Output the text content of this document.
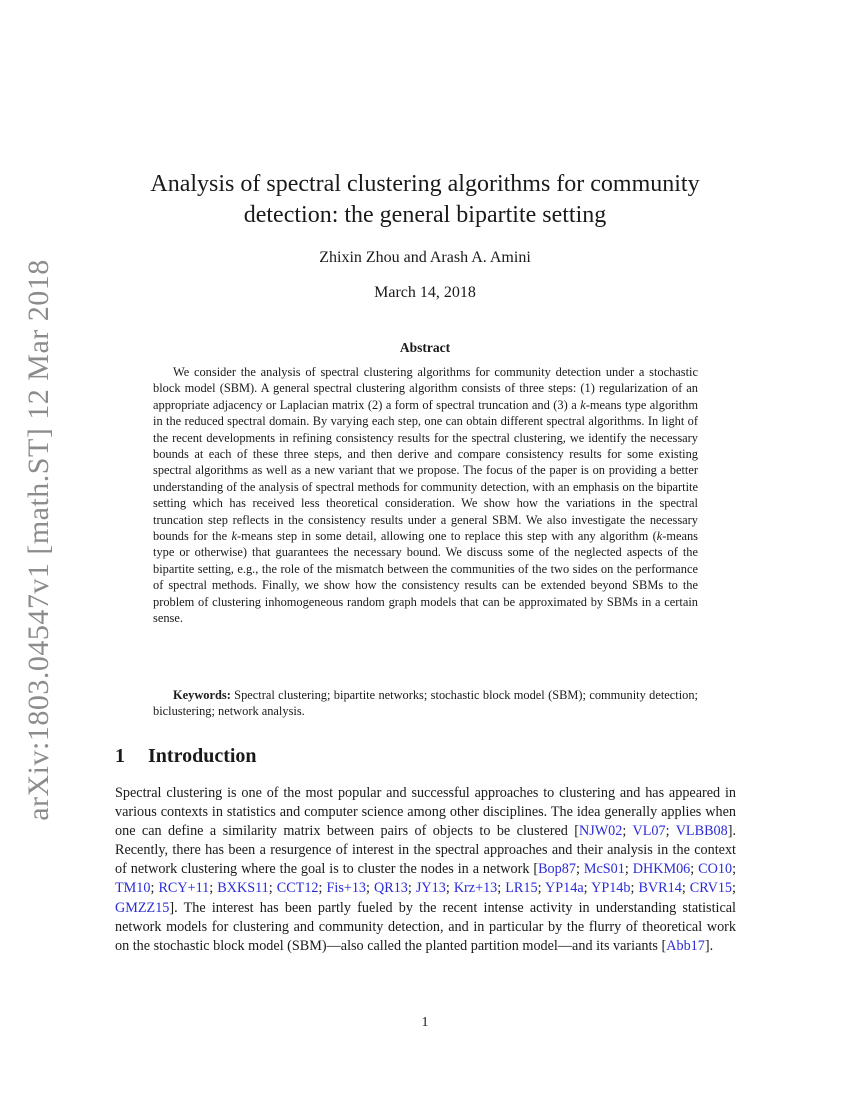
arXiv:1803.04547v1 [math.ST] 12 Mar 2018
Analysis of spectral clustering algorithms for community detection: the general bipartite setting
Zhixin Zhou and Arash A. Amini
March 14, 2018
Abstract

We consider the analysis of spectral clustering algorithms for community detection under a stochastic block model (SBM). A general spectral clustering algorithm consists of three steps: (1) regularization of an appropriate adjacency or Laplacian matrix (2) a form of spectral truncation and (3) a k-means type algorithm in the reduced spectral domain. By varying each step, one can obtain different spectral algorithms. In light of the recent developments in refining consistency results for the spectral clustering, we identify the necessary bounds at each of these three steps, and then derive and compare consistency results for some existing spectral algorithms as well as a new variant that we propose. The focus of the paper is on providing a better understanding of the analysis of spectral methods for community detection, with an emphasis on the bipartite setting which has received less theoretical consideration. We show how the variations in the spectral truncation step reflects in the consistency results under a general SBM. We also investigate the necessary bounds for the k-means step in some detail, allowing one to replace this step with any algorithm (k-means type or otherwise) that guarantees the necessary bound. We discuss some of the neglected aspects of the bipartite setting, e.g., the role of the mismatch between the communities of the two sides on the performance of spectral methods. Finally, we show how the consistency results can be extended beyond SBMs to the problem of clustering inhomogeneous random graph models that can be approximated by SBMs in a certain sense.

Keywords: Spectral clustering; bipartite networks; stochastic block model (SBM); community detection; biclustering; network analysis.

1 Introduction

Spectral clustering is one of the most popular and successful approaches to clustering and has appeared in various contexts in statistics and computer science among other disciplines. The idea generally applies when one can define a similarity matrix between pairs of objects to be clustered [NJW02; VL07; VLBB08]. Recently, there has been a resurgence of interest in the spectral approaches and their analysis in the context of network clustering where the goal is to cluster the nodes in a network [Bop87; McS01; DHKM06; CO10; TM10; RCY+11; BXKS11; CCT12; Fis+13; QR13; JY13; Krz+13; LR15; YP14a; YP14b; BVR14; CRV15; GMZZ15]. The interest has been partly fueled by the recent intense activity in understanding statistical network models for clustering and community detection, and in particular by the flurry of theoretical work on the stochastic block model (SBM)—also called the planted partition model—and its variants [Abb17].

1
